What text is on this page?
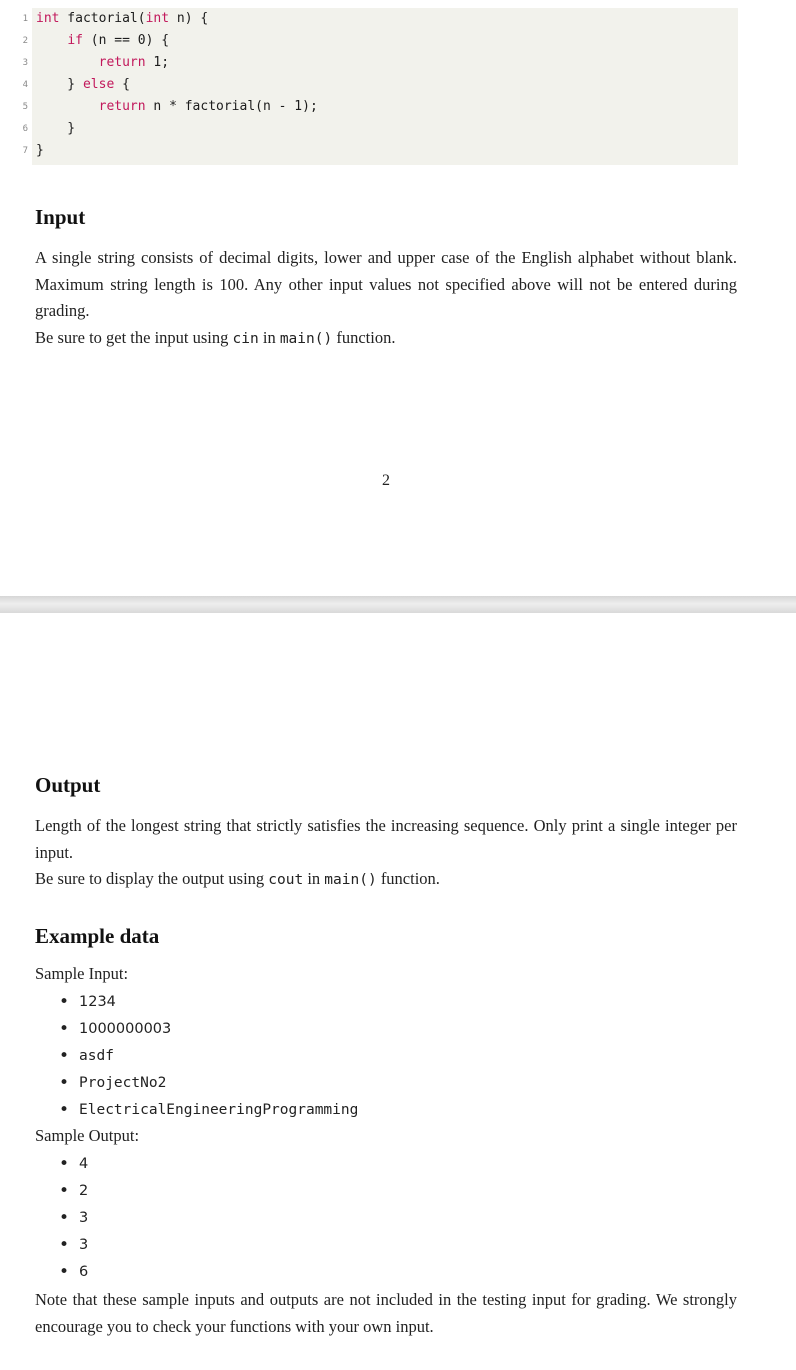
1 int factorial(int n) {
2	if (n == 0) {
3	return 1;
4 } else {
5	return n * factorial(n - 1);
6 }
7 }
Input

A single string consists of decimal digits, lower and upper case of the English alphabet without blank. Maximum string length is 100. Any other input values not specified above will not be entered during grading.
Be sure to get the input using cin in main() function.

2
Output

Length of the longest string that strictly satisfies the increasing sequence. Only print a single integer per input.
Be sure to display the output using cout in main() function.

Example data

Sample Input:

• 1234
• 1000000003
• asdf
• ProjectNo2
• ElectricalEngineeringProgramming

Sample Output:

• 4
• 2
• 3
• 3
• 6

Note that these sample inputs and outputs are not included in the testing input for grading. We strongly encourage you to check your functions with your own input.
